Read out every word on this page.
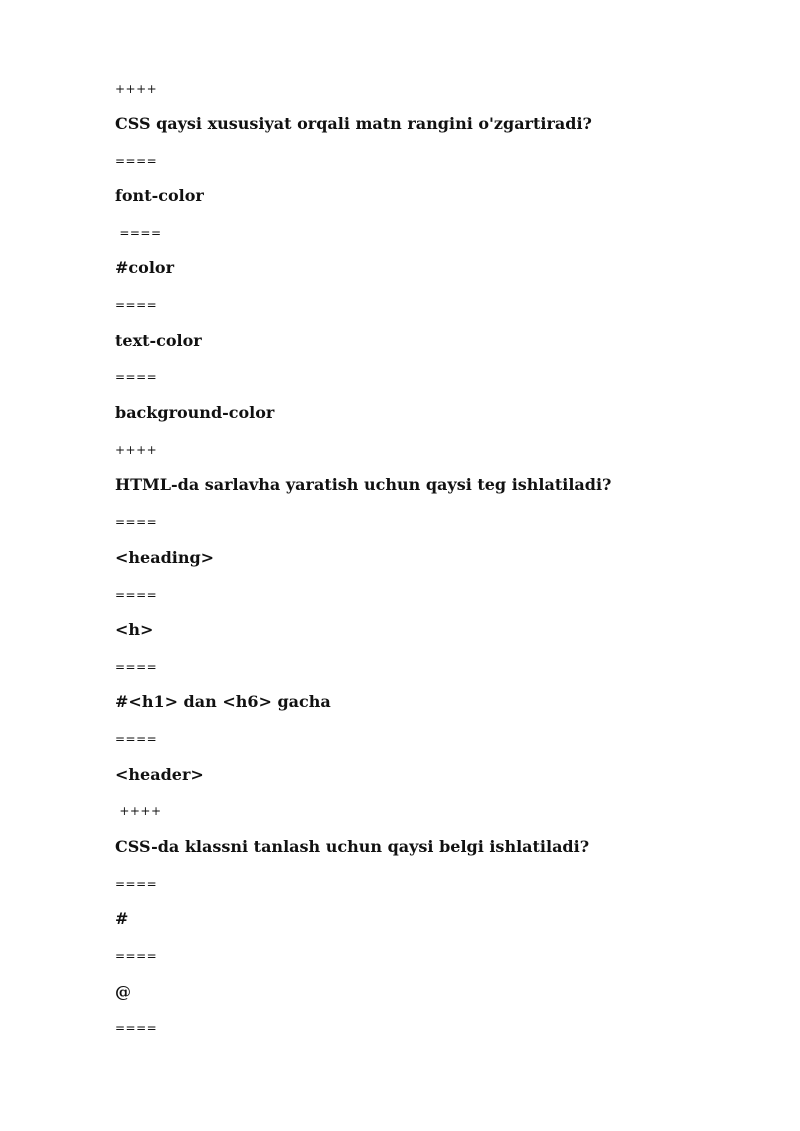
++++
CSS qaysi xususiyat orqali matn rangini o'zgartiradi?
====
font-color
====
#color
====
text-color
====
background-color
++++
HTML-da sarlavha yaratish uchun qaysi teg ishlatiladi?
====
<heading>
====
<h>
====
#<h1> dan <h6> gacha
====
<header>
++++
CSS-da klassni tanlash uchun qaysi belgi ishlatiladi?
====
#
====
@
====
